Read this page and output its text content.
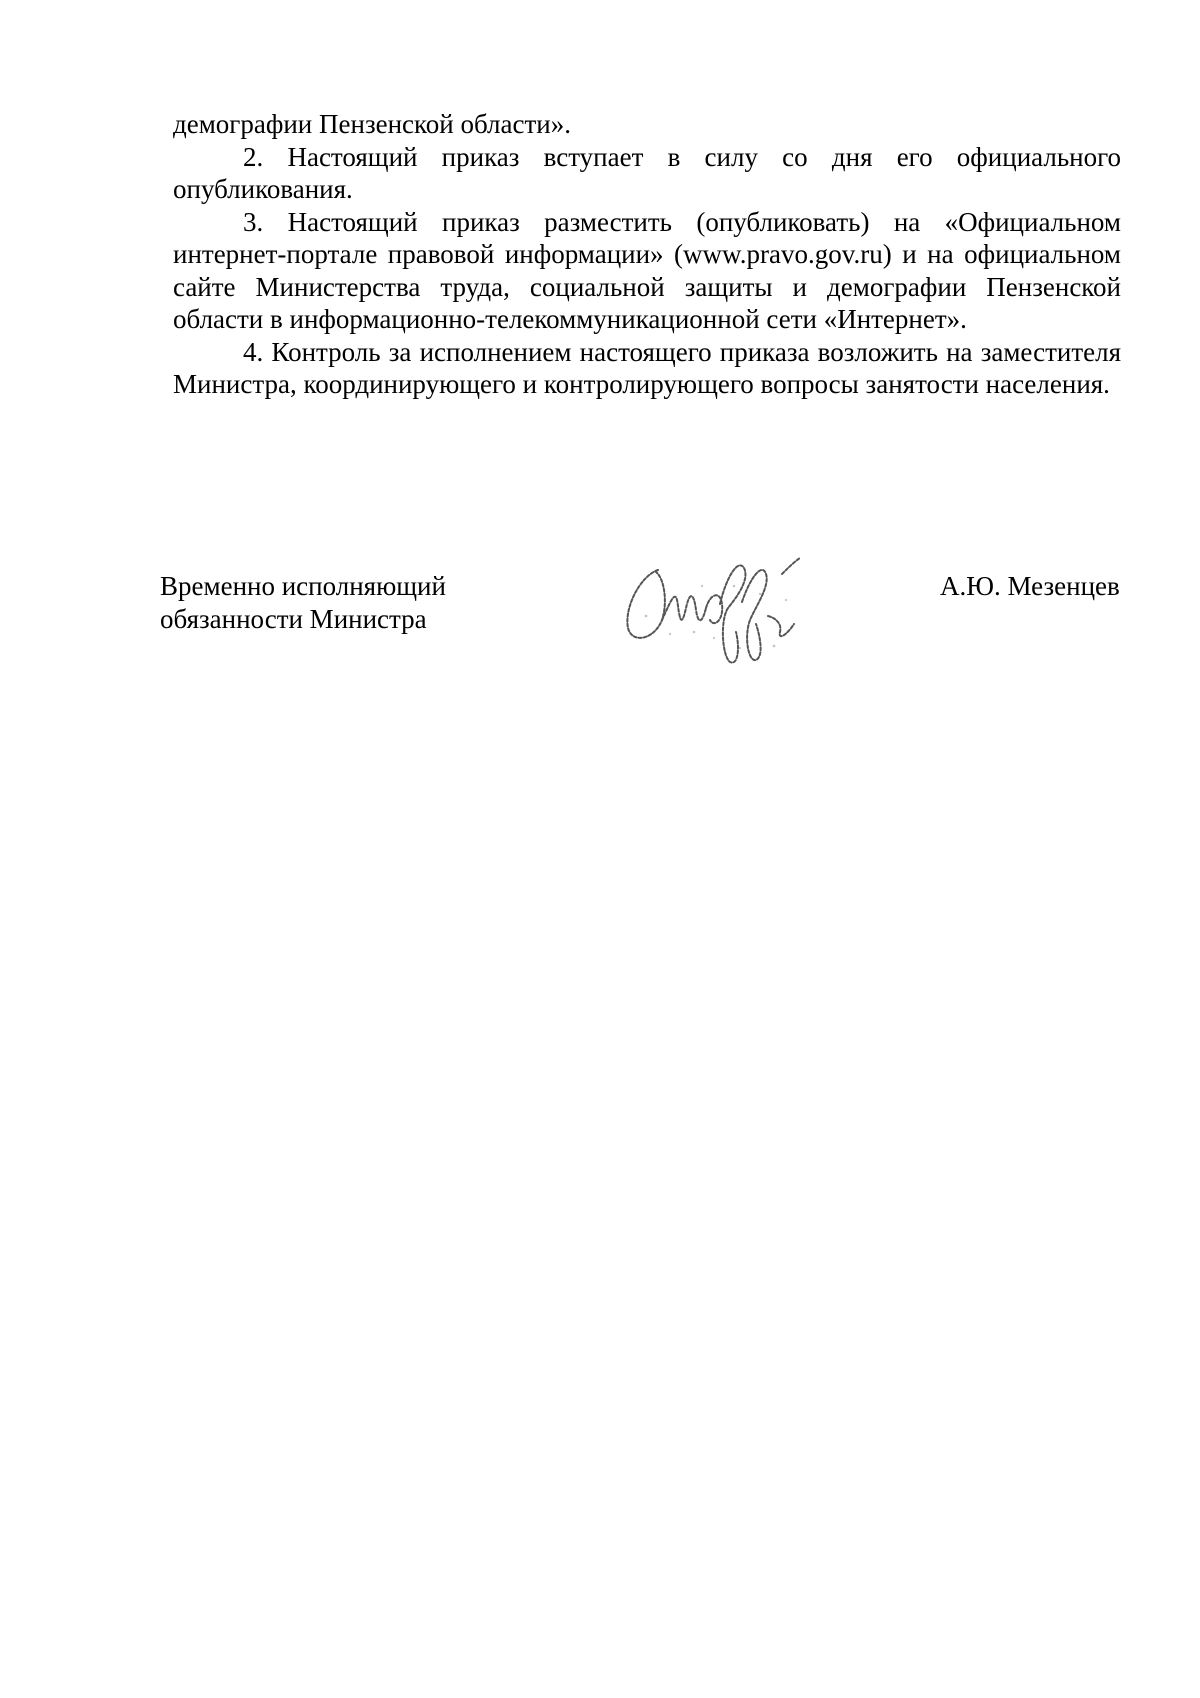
демографии Пензенской области».

2. Настоящий приказ вступает в силу со дня его официального опубликования.

3. Настоящий приказ разместить (опубликовать) на «Официальном интернет-портале правовой информации» (www.pravo.gov.ru) и на официальном сайте Министерства труда, социальной защиты и демографии Пензенской области в информационно-телекоммуникационной сети «Интернет».

4. Контроль за исполнением настоящего приказа возложить на заместителя Министра, координирующего и контролирующего вопросы занятости населения.

Временно исполняющий
обязанности Министра
А.Ю. Мезенцев
